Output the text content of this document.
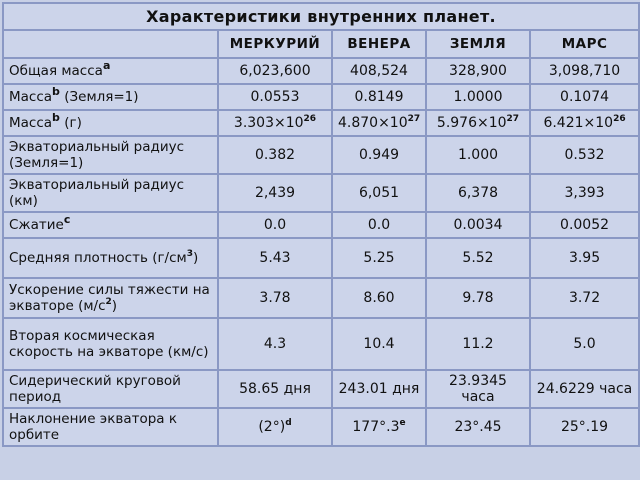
Характеристики внутренних планет.				
	МЕРКУРИЙ	ВЕНЕРА	ЗЕМЛЯ	МАРС
Общая масса$^a$	6,023,600	408,524	328,900	3,098,710
Масса$^b$ (Земля=1)	0.0553	0.8149	1.0000	0.1074
Масса$^b$ (г)	$3.303\times 10^{26}$	$4.870\times 10^{27}$	$5.976\times 10^{27}$	$6.421\times 10^{26}$
Экваториальный радиус (Земля=1)	0.382	0.949	1.000	0.532
Экваториальный радиус (км)	2,439	6,051	6,378	3,393
Сжатие$^c$	0.0	0.0	0.0034	0.0052
Средняя плотность $(г/см^3)$	5.43	5.25	5.52	3.95
Ускорение силы тяжести на экваторе $(м/с^2)$	3.78	8.60	9.78	3.72
Вторая космическая скорость на экваторе (км/с)	4.3	10.4	11.2	5.0
Сидерический круговой период	58.65 дня	243.01 дня	23.9345 часа	24.6229 часа
Наклонение экватора к орбите	$(2^\circ)^d$	177°.3e	23°.45	25°.19
